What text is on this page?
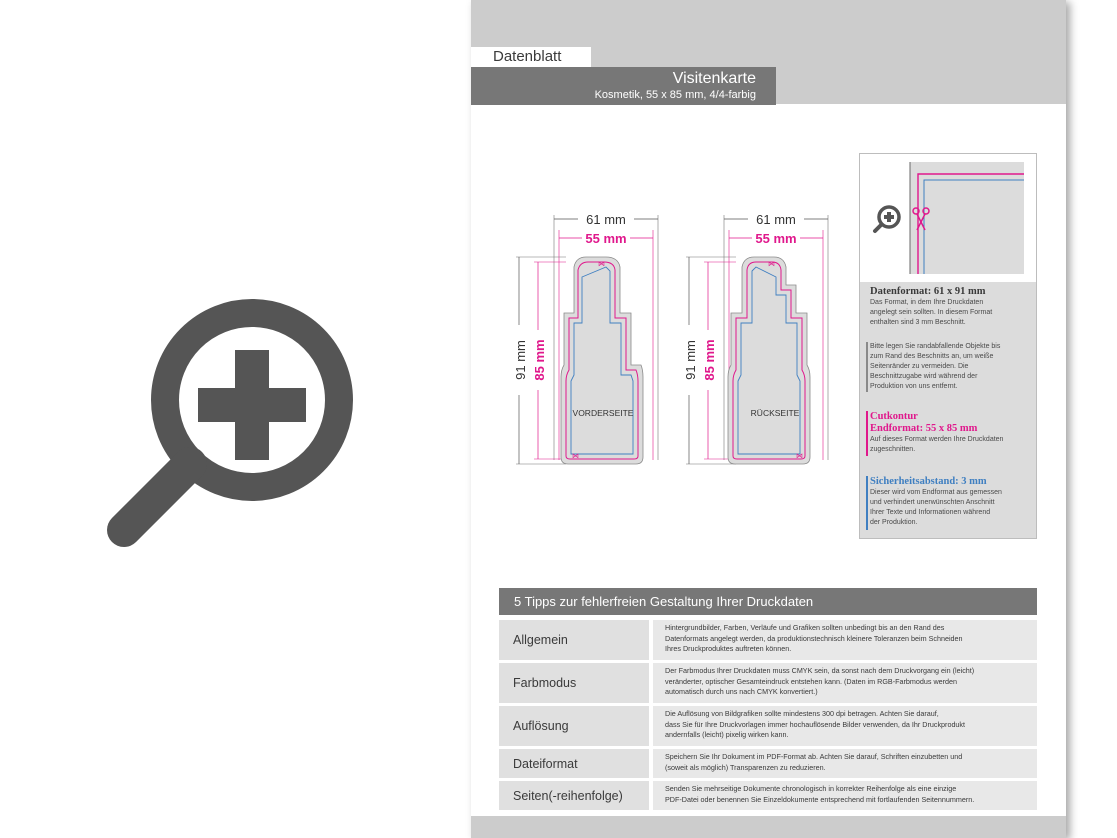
Datenblatt
Visitenkarte
Kosmetik, 55 x 85 mm, 4/4-farbig
61 mm
55 mm
91 mm 85 mm
VORDERSEITE
⋈
⋈
61 mm
55 mm
91 mm 85 mm
RÜCKSEITE
⋈
⋈
Datenformat: 61 x 91 mm
Das Format, in dem Ihre Druckdaten
angelegt sein sollten. In diesem Format
enthalten sind 3 mm Beschnitt.
Bitte legen Sie randabfallende Objekte bis
zum Rand des Beschnitts an, um weiße
Seitenränder zu vermeiden. Die
Beschnittzugabe wird während der
Produktion von uns entfernt.
Cutkontur
Endformat: 55 x 85 mm
Auf dieses Format werden Ihre Druckdaten
zugeschnitten.
Sicherheitsabstand: 3 mm
Dieser wird vom Endformat aus gemessen
und verhindert unerwünschten Anschnitt
Ihrer Texte und Informationen während
der Produktion.
5 Tipps zur fehlerfreien Gestaltung Ihrer Druckdaten
Allgemein
Hintergrundbilder, Farben, Verläufe und Grafiken sollten unbedingt bis an den Rand des
Datenformats angelegt werden, da produktionstechnisch kleinere Toleranzen beim Schneiden
Ihres Druckproduktes auftreten können.
Farbmodus
Der Farbmodus Ihrer Druckdaten muss CMYK sein, da sonst nach dem Druckvorgang ein (leicht)
veränderter, optischer Gesamteindruck entstehen kann. (Daten im RGB-Farbmodus werden
automatisch durch uns nach CMYK konvertiert.)
Auflösung
Die Auflösung von Bildgrafiken sollte mindestens 300 dpi betragen. Achten Sie darauf,
dass Sie für Ihre Druckvorlagen immer hochauflösende Bilder verwenden, da Ihr Druckprodukt
andernfalls (leicht) pixelig wirken kann.
Dateiformat	Speichern Sie Ihr Dokument im PDF-Format ab. Achten Sie darauf, Schriften einzubetten und
(soweit als möglich) Transparenzen zu reduzieren.
Seiten(-reihenfolge)	Senden Sie mehrseitige Dokumente chronologisch in korrekter Reihenfolge als eine einzige
PDF-Datei oder benennen Sie Einzeldokumente entsprechend mit fortlaufenden Seitennummern.
